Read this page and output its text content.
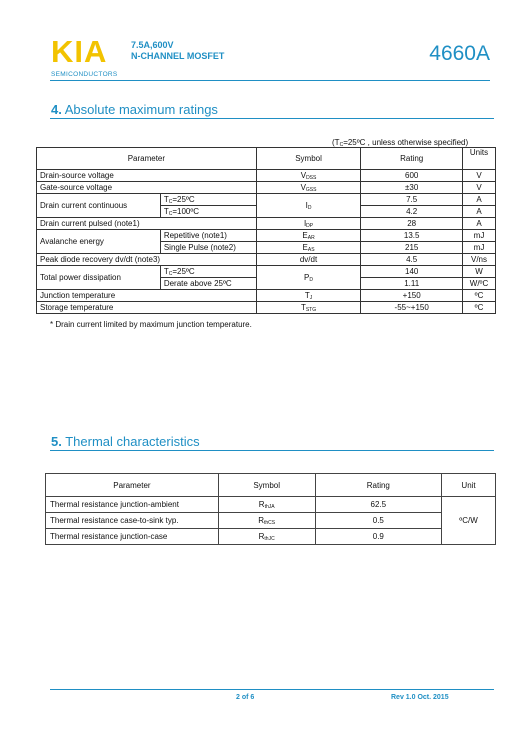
KIA
SEMICONDUCTORS
7.5A,600V
N-CHANNEL MOSFET	4660A
4. Absolute maximum ratings
($T_C=25ºC$ , unless otherwise specified)
Parameter		Symbol	Rating	Units
Drain-source voltage		$V_{DSS}$	600	V
Gate-source voltage		$V_{GSS}$	±30	V
Drain current continuous	$T_C=25ºC$	$I_D$	7.5	A
	$T_C=100ºC$		4.2	A
Drain current pulsed (note1)		$I_{DP}$	28	A
Avalanche energy	Repetitive (note1)	$E_{AR}$	13.5	mJ
	Single Pulse (note2)	$E_{AS}$	215	mJ
Peak diode recovery dv/dt (note3)		dv/dt	4.5	V/ns
Total power dissipation	$T_C=25ºC$	$P_D$	140	W
	Derate above 25ºC		1.11	W/ºC
Junction temperature		$T_J$	+150	ºC
Storage temperature		$T_{STG}$	-55~+150	ºC
* Drain current limited by maximum junction temperature.
5. Thermal characteristics
Parameter	Symbol	Rating	Unit
Thermal resistance junction-ambient	$R_{thJA}$	62.5	ºC/W
Thermal resistance case-to-sink typ.	$R_{thCS}$	0.5	
Thermal resistance junction-case	$R_{thJC}$	0.9	
2 of 6	Rev 1.0 Oct. 2015
